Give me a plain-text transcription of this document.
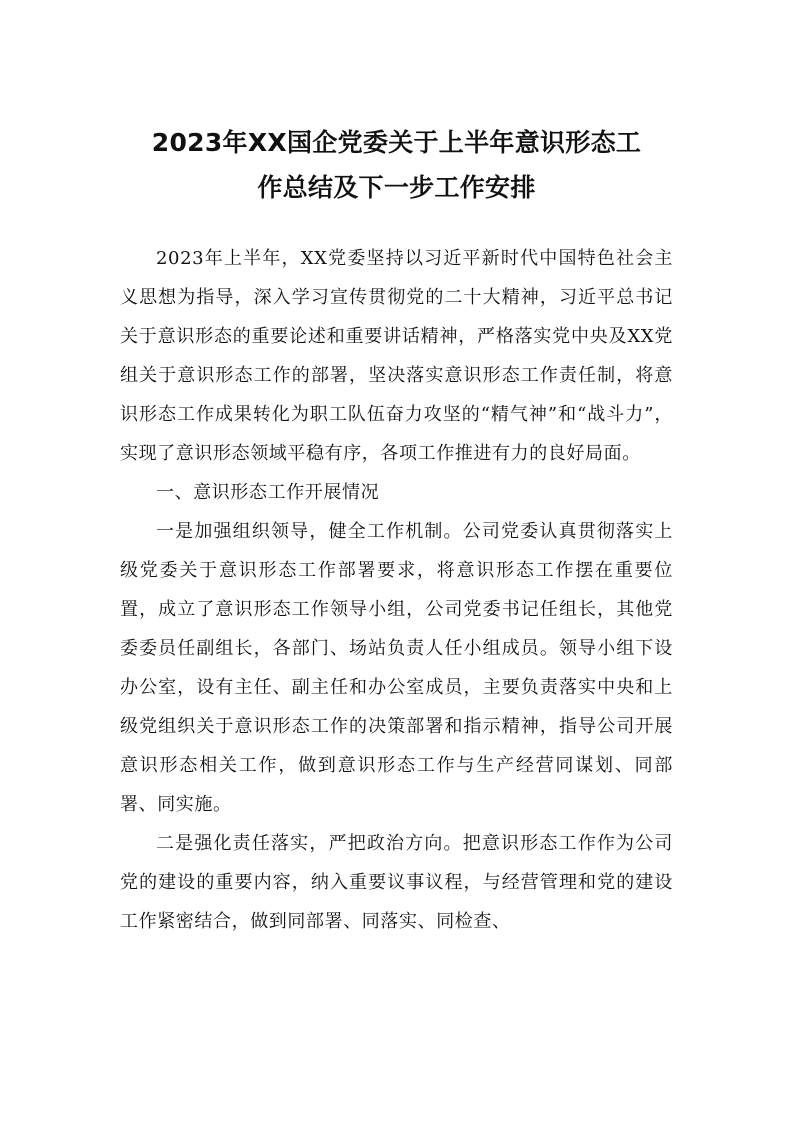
2023年XX国企党委关于上半年意识形态工
作总结及下一步工作安排

2023年上半年，XX党委坚持以习近平新时代中国特色社会主义思想为指导，深入学习宣传贯彻党的二十大精神，习近平总书记关于意识形态的重要论述和重要讲话精神，严格落实党中央及XX党组关于意识形态工作的部署，坚决落实意识形态工作责任制，将意识形态工作成果转化为职工队伍奋力攻坚的“精气神”和“战斗力”，实现了意识形态领域平稳有序，各项工作推进有力的良好局面。

一、意识形态工作开展情况

一是加强组织领导，健全工作机制。公司党委认真贯彻落实上级党委关于意识形态工作部署要求，将意识形态工作摆在重要位置，成立了意识形态工作领导小组，公司党委书记任组长，其他党委委员任副组长，各部门、场站负责人任小组成员。领导小组下设办公室，设有主任、副主任和办公室成员，主要负责落实中央和上级党组织关于意识形态工作的决策部署和指示精神，指导公司开展意识形态相关工作，做到意识形态工作与生产经营同谋划、同部署、同实施。

二是强化责任落实，严把政治方向。把意识形态工作作为公司党的建设的重要内容，纳入重要议事议程，与经营管理和党的建设工作紧密结合，做到同部署、同落实、同检查、
